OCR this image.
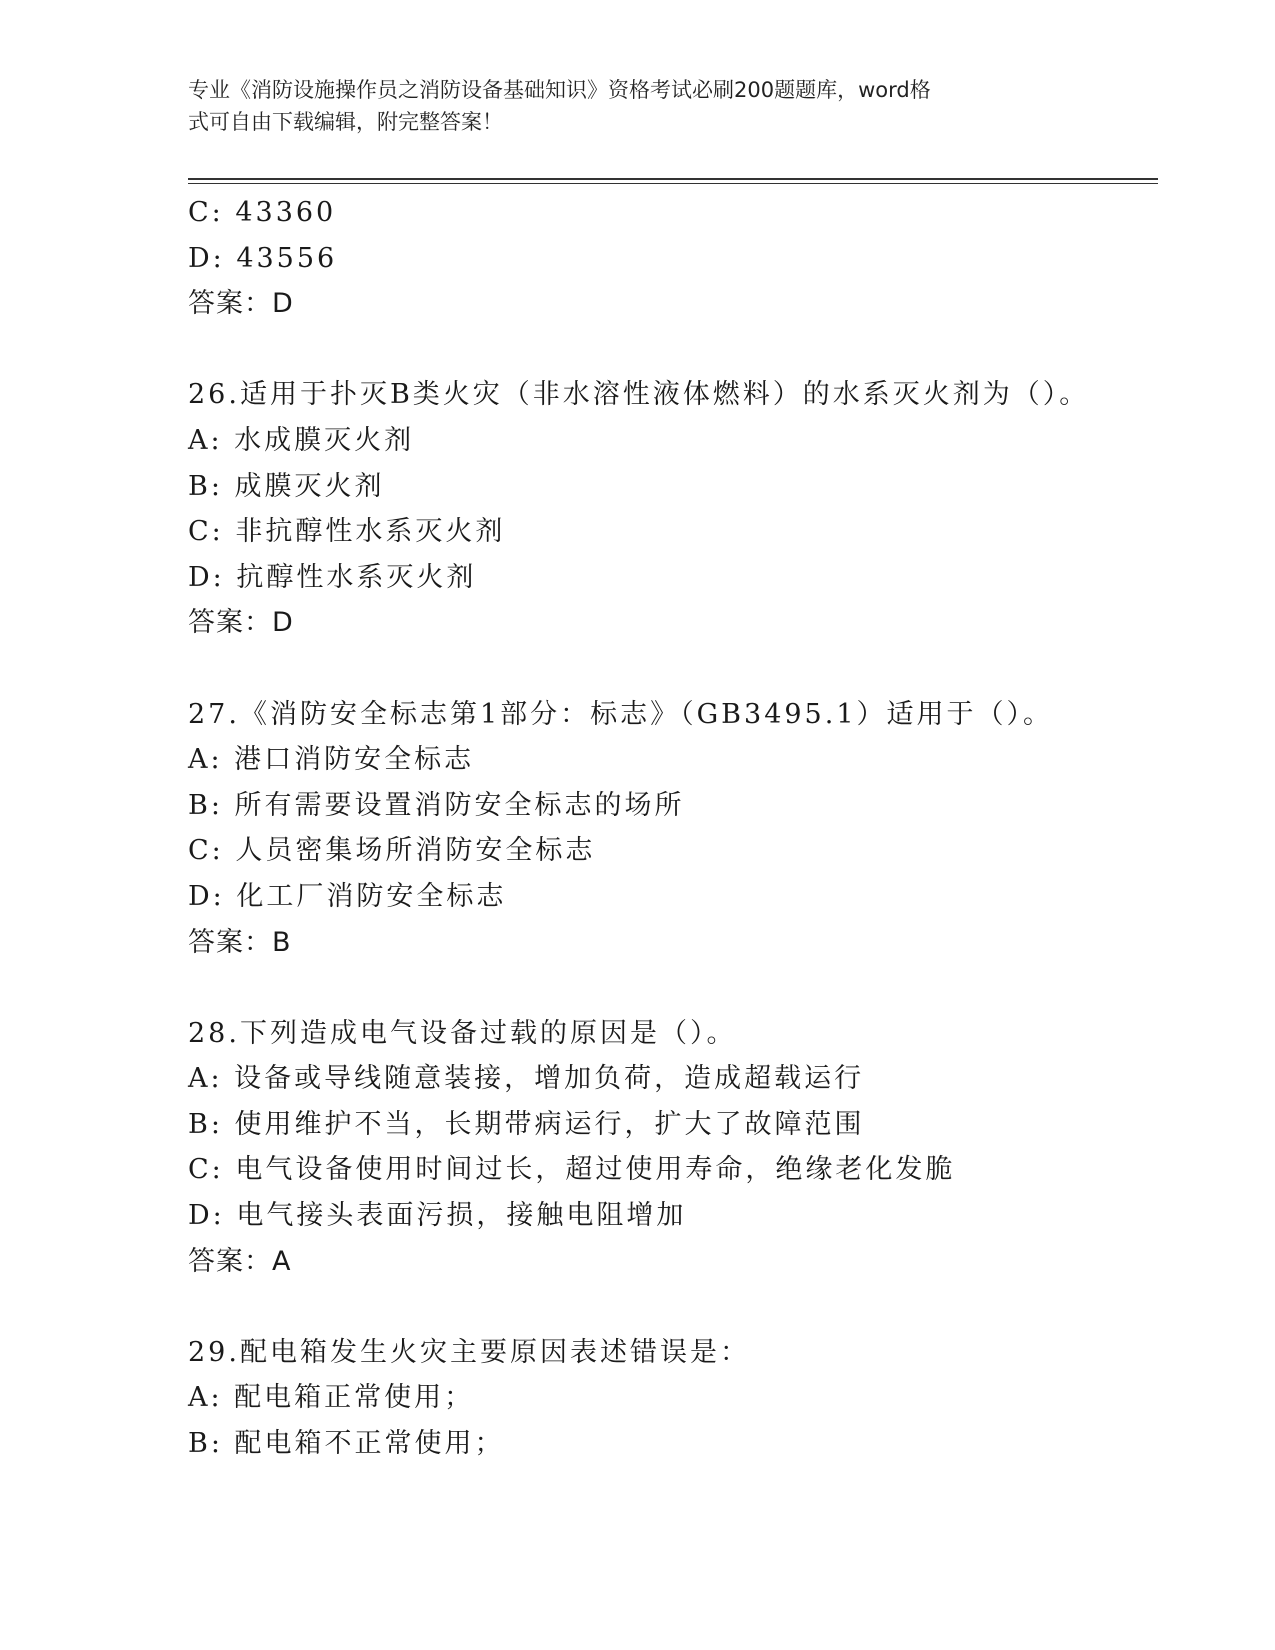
专业《消防设施操作员之消防设备基础知识》资格考试必刷200题题库，word格
式可自由下载编辑，附完整答案！
C: 43360
D: 43556
答案：D
26.适用于扑灭B类火灾（非水溶性液体燃料）的水系灭火剂为（）。
A: 水成膜灭火剂
B: 成膜灭火剂
C: 非抗醇性水系灭火剂
D: 抗醇性水系灭火剂
答案：D
27.《消防安全标志第1部分：标志》（GB3495.1）适用于（）。
A: 港口消防安全标志
B: 所有需要设置消防安全标志的场所
C: 人员密集场所消防安全标志
D: 化工厂消防安全标志
答案：B
28.下列造成电气设备过载的原因是（）。
A: 设备或导线随意装接，增加负荷，造成超载运行
B: 使用维护不当，长期带病运行，扩大了故障范围
C: 电气设备使用时间过长，超过使用寿命，绝缘老化发脆
D: 电气接头表面污损，接触电阻增加
答案：A
29.配电箱发生火灾主要原因表述错误是：
A: 配电箱正常使用；
B: 配电箱不正常使用；
